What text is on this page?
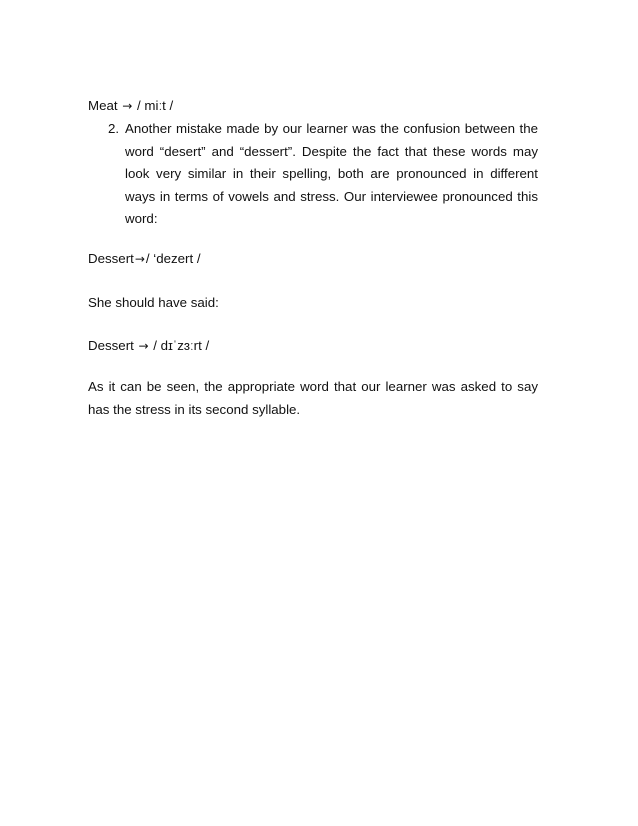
Meat → / miːt /
2. Another mistake made by our learner was the confusion between the word “desert” and “dessert”. Despite the fact that these words may look very similar in their spelling, both are pronounced in different ways in terms of vowels and stress. Our interviewee pronounced this word:
Dessert→/ ‘dezert /
She should have said:
Dessert → / dɪˈzɜːrt /
As it can be seen, the appropriate word that our learner was asked to say has the stress in its second syllable.
